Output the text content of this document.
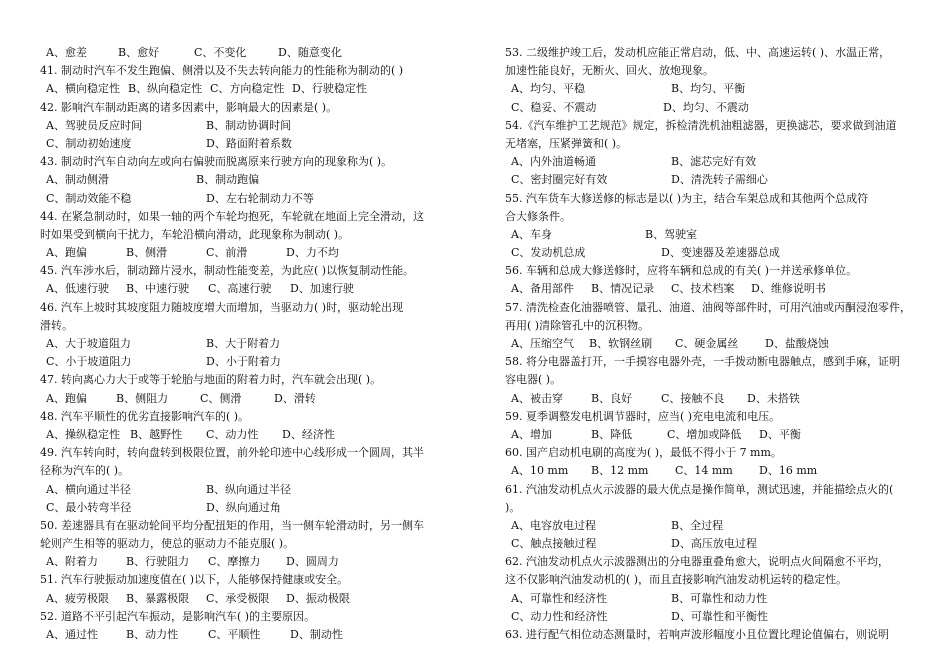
A、愈差	B、愈好	C、不变化	D、随意变化
41. 制动时汽车不发生跑偏、侧滑以及不失去转向能力的性能称为制动的( )
A、横向稳定性 B、纵向稳定性 C、方向稳定性 D、行驶稳定性
42. 影响汽车制动距离的诸多因素中，影响最大的因素是( )。
A、驾驶员反应时间	B、制动协调时间
C、制动初始速度	D、路面附着系数
43. 制动时汽车自动向左或向右偏驶而脱离原来行驶方向的现象称为( )。
A、制动侧滑	B、制动跑偏
C、制动效能不稳	D、左右轮制动力不等
44. 在紧急制动时，如果一轴的两个车轮均抱死，车轮就在地面上完全滑动，这
时如果受到横向干扰力，车轮沿横向滑动，此现象称为制动( )。
A、跑偏	B、侧滑	C、前滑	D、力不均
45. 汽车涉水后，制动蹄片浸水，制动性能变差，为此应( )以恢复制动性能。
A、低速行驶 B、中速行驶 C、高速行驶 D、加速行驶
46. 汽车上坡时其坡度阻力随坡度增大而增加，当驱动力( )时，驱动轮出现
滑转。
A、大于坡道阻力	B、大于附着力
C、小于坡道阻力	D、小于附着力
47. 转向离心力大于或等于轮胎与地面的附着力时，汽车就会出现( )。
A、跑偏	B、侧阻力	C、侧滑	D、滑转
48. 汽车平顺性的优劣直接影响汽车的( )。
A、操纵稳定性 B、越野性 C、动力性 D、经济性
49. 汽车转向时，转向盘转到极限位置，前外轮印迹中心线形成一个圆周，其半
径称为汽车的( )。
A、横向通过半径	B、纵向通过半径
C、最小转弯半径	D、纵向通过角
50. 差速器具有在驱动轮间平均分配扭矩的作用，当一侧车轮滑动时，另一侧车
轮则产生相等的驱动力，使总的驱动力不能克服( )。
A、附着力	B、行驶阻力 C、摩擦力 D、圆周力
51. 汽车行驶振动加速度值在( )以下，人能够保持健康或安全。
A、疲劳极限 B、暴露极限 C、承受极限 D、振动极限
52. 道路不平引起汽车振动，是影响汽车( )的主要原因。
A、通过性	B、动力性	C、平顺性	D、制动性
53. 二级维护竣工后，发动机应能正常启动，低、中、高速运转( )、水温正常，
加速性能良好，无断火、回火、放炮现象。
A、均匀、平稳	B、均匀、平衡
C、稳妥、不震动	D、均匀、不震动
54.《汽车维护工艺规范》规定，拆检清洗机油粗滤器，更换滤芯，要求做到油道
无堵塞，压紧弹簧和( )。
A、内外油道畅通	B、滤芯完好有效
C、密封圈完好有效	D、清洗转子需细心
55. 汽车货车大修送修的标志是以( )为主，结合车架总成和其他两个总成符
合大修条件。
A、车身	B、驾驶室
C、发动机总成	D、变速器及差速器总成
56. 车辆和总成大修送修时，应将车辆和总成的有关( )一并送承修单位。
A、备用部件 B、情况记录 C、技术档案 D、维修说明书
57. 清洗检查化油器喷管、量孔、油道、油阀等部件时，可用汽油或丙酮浸泡零件，
再用( )清除管孔中的沉积物。
A、压缩空气 B、软钢丝刷 C、硬金属丝 D、盐酸烧蚀
58. 将分电器盖打开，一手摸容电器外壳，一手拨动断电器触点，感到手麻，证明
容电器( )。
A、被击穿	B、良好	C、接触不良 D、未搭铁
59. 夏季调整发电机调节器时，应当( )充电电流和电压。
A、增加	B、降低	C、增加或降低 D、平衡
60. 国产启动机电刷的高度为( )，最低不得小于 7 mm。
A、10 mm B、12 mm C、14 mm D、16 mm
61. 汽油发动机点火示波器的最大优点是操作简单，测试迅速，并能描绘点火的(
)。
A、电容放电过程	B、全过程
C、触点接触过程	D、高压放电过程
62. 汽油发动机点火示波器测出的分电器重叠角愈大，说明点火间隔愈不平均，
这不仅影响汽油发动机的( )，而且直接影响汽油发动机运转的稳定性。
A、可靠性和经济性	B、可靠性和动力性
C、动力性和经济性	D、可靠性和平衡性
63. 进行配气相位动态测量时，若响声波形幅度小且位置比理论值偏右，则说明
